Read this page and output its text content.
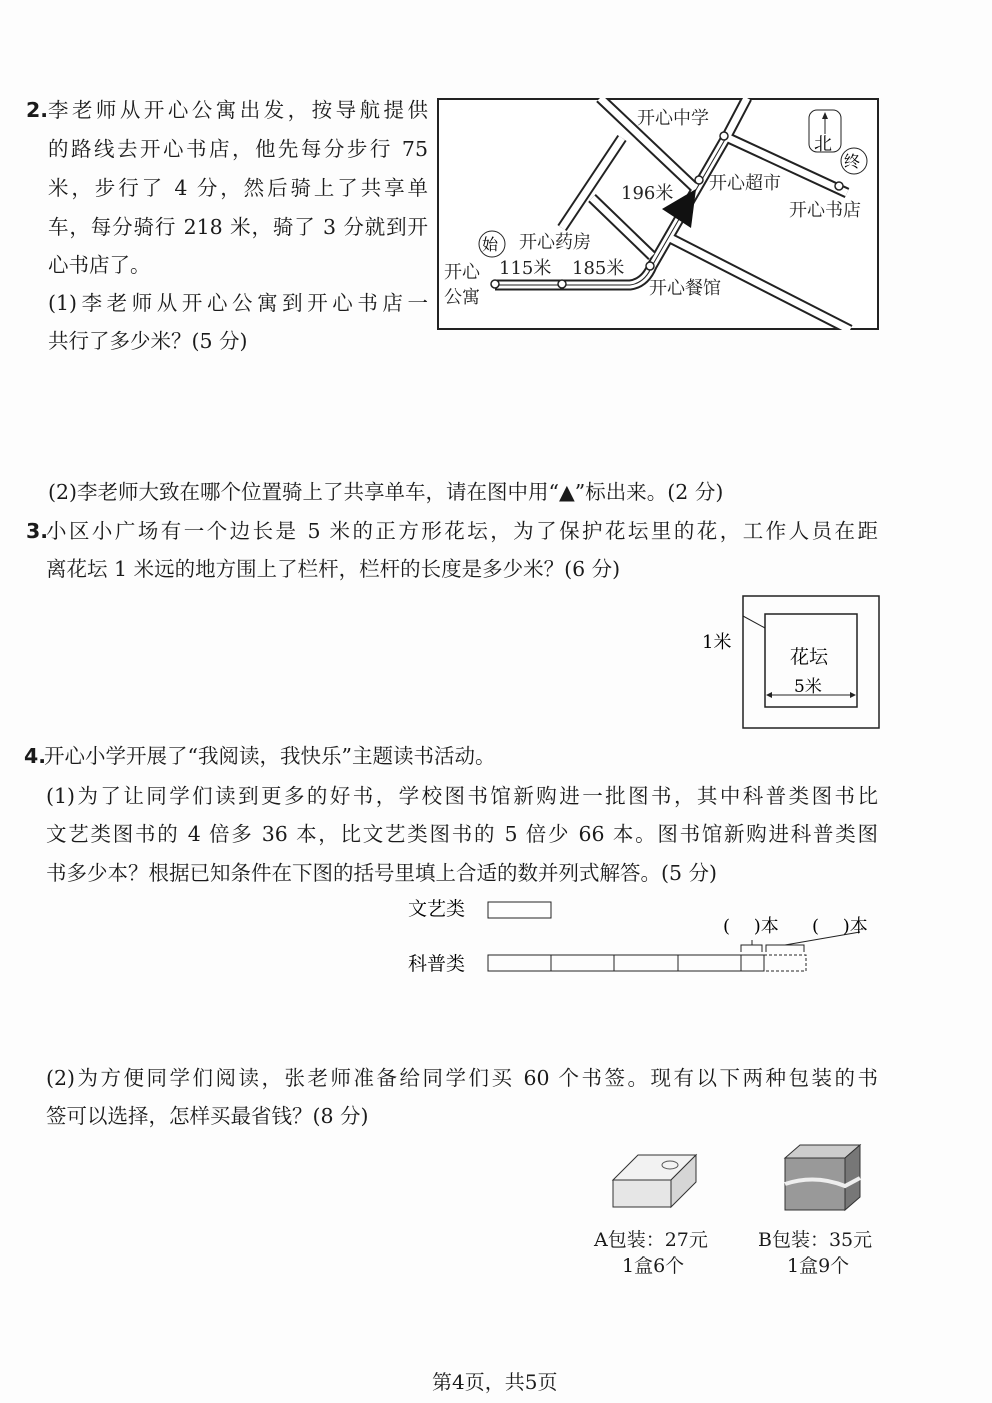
2. 李老师从开心公寓出发，按导航提供
的路线去开心书店，他先每分步行 75
米，步行了 4 分，然后骑上了共享单
车，每分骑行 218 米，骑了 3 分就到开
心书店了。
(1)李老师从开心公寓到开心书店一
共行了多少米？(5 分)
北
终
始
开心中学
开心超市
开心书店
开心药房
开心餐馆
开心
公寓
115米 185米
196米
(2)李老师大致在哪个位置骑上了共享单车，请在图中用“▲”标出来。(2 分)
3.
小区小广场有一个边长是 5 米的正方形花坛，为了保护花坛里的花，工作人员在距
离花坛 1 米远的地方围上了栏杆，栏杆的长度是多少米？(6 分)
1米
花坛
5米
4.
开心小学开展了“我阅读，我快乐”主题读书活动。
(1)为了让同学们读到更多的好书，学校图书馆新购进一批图书，其中科普类图书比
文艺类图书的 4 倍多 36 本，比文艺类图书的 5 倍少 66 本。图书馆新购进科普类图
书多少本？根据已知条件在下图的括号里填上合适的数并列式解答。(5 分)
文艺类
科普类
(　 )本 (　 )本
(2)为方便同学们阅读，张老师准备给同学们买 60 个书签。现有以下两种包装的书
签可以选择，怎样买最省钱？(8 分)
A包装：27元
1盒6个
B包装：35元
1盒9个
第4页，共5页
